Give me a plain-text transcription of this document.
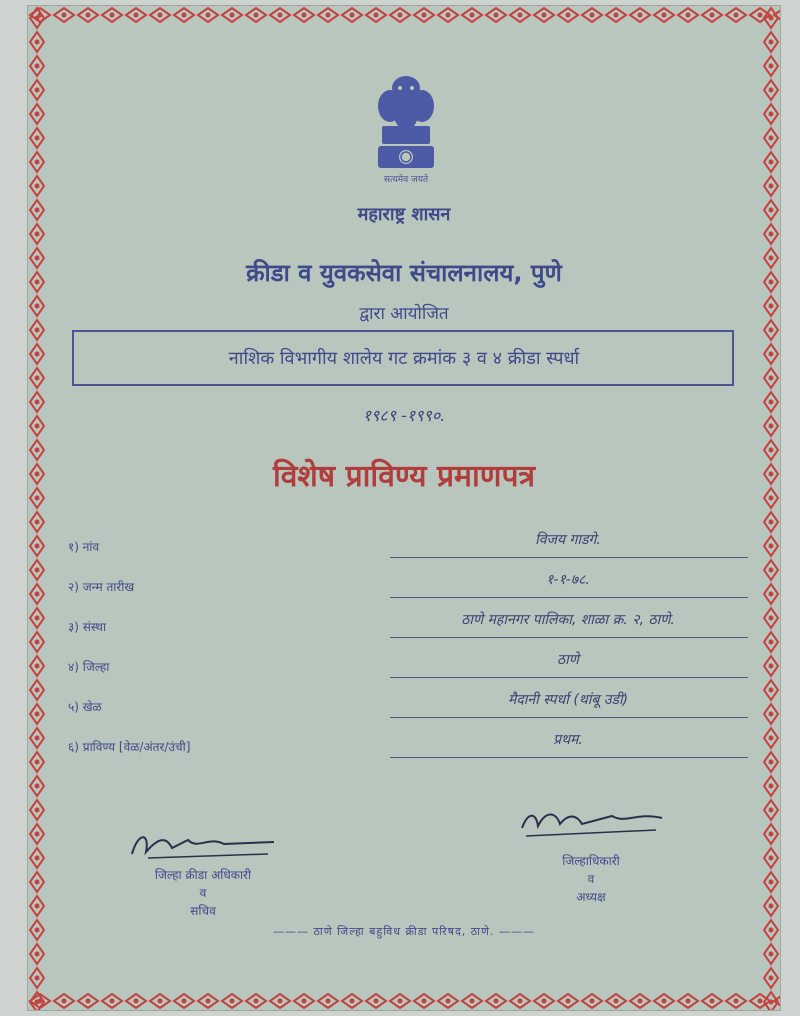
सत्यमेव जयते
महाराष्ट्र शासन
क्रीडा व युवकसेवा संचालनालय, पुणे
द्वारा आयोजित
नाशिक विभागीय शालेय गट क्रमांक ३ व ४ क्रीडा स्पर्धा
१९८९ -१९९०.
विशेष प्राविण्य प्रमाणपत्र
१) नांव	विजय गाडगे.
२) जन्म तारीख	१-१-७८.
३) संस्था	ठाणे महानगर पालिका, शाळा क्र. २, ठाणे.
४) जिल्हा	ठाणे
५) खेळ	मैदानी स्पर्धा (थांबू उडी)
६) प्राविण्य [वेळ/अंतर/उंची]	प्रथम.
जिल्हा क्रीडा अधिकारी
व
सचिव
जिल्हाधिकारी
व
अध्यक्ष
——— ठाणे जिल्हा बहुविध क्रीडा परिषद, ठाणे. ———
